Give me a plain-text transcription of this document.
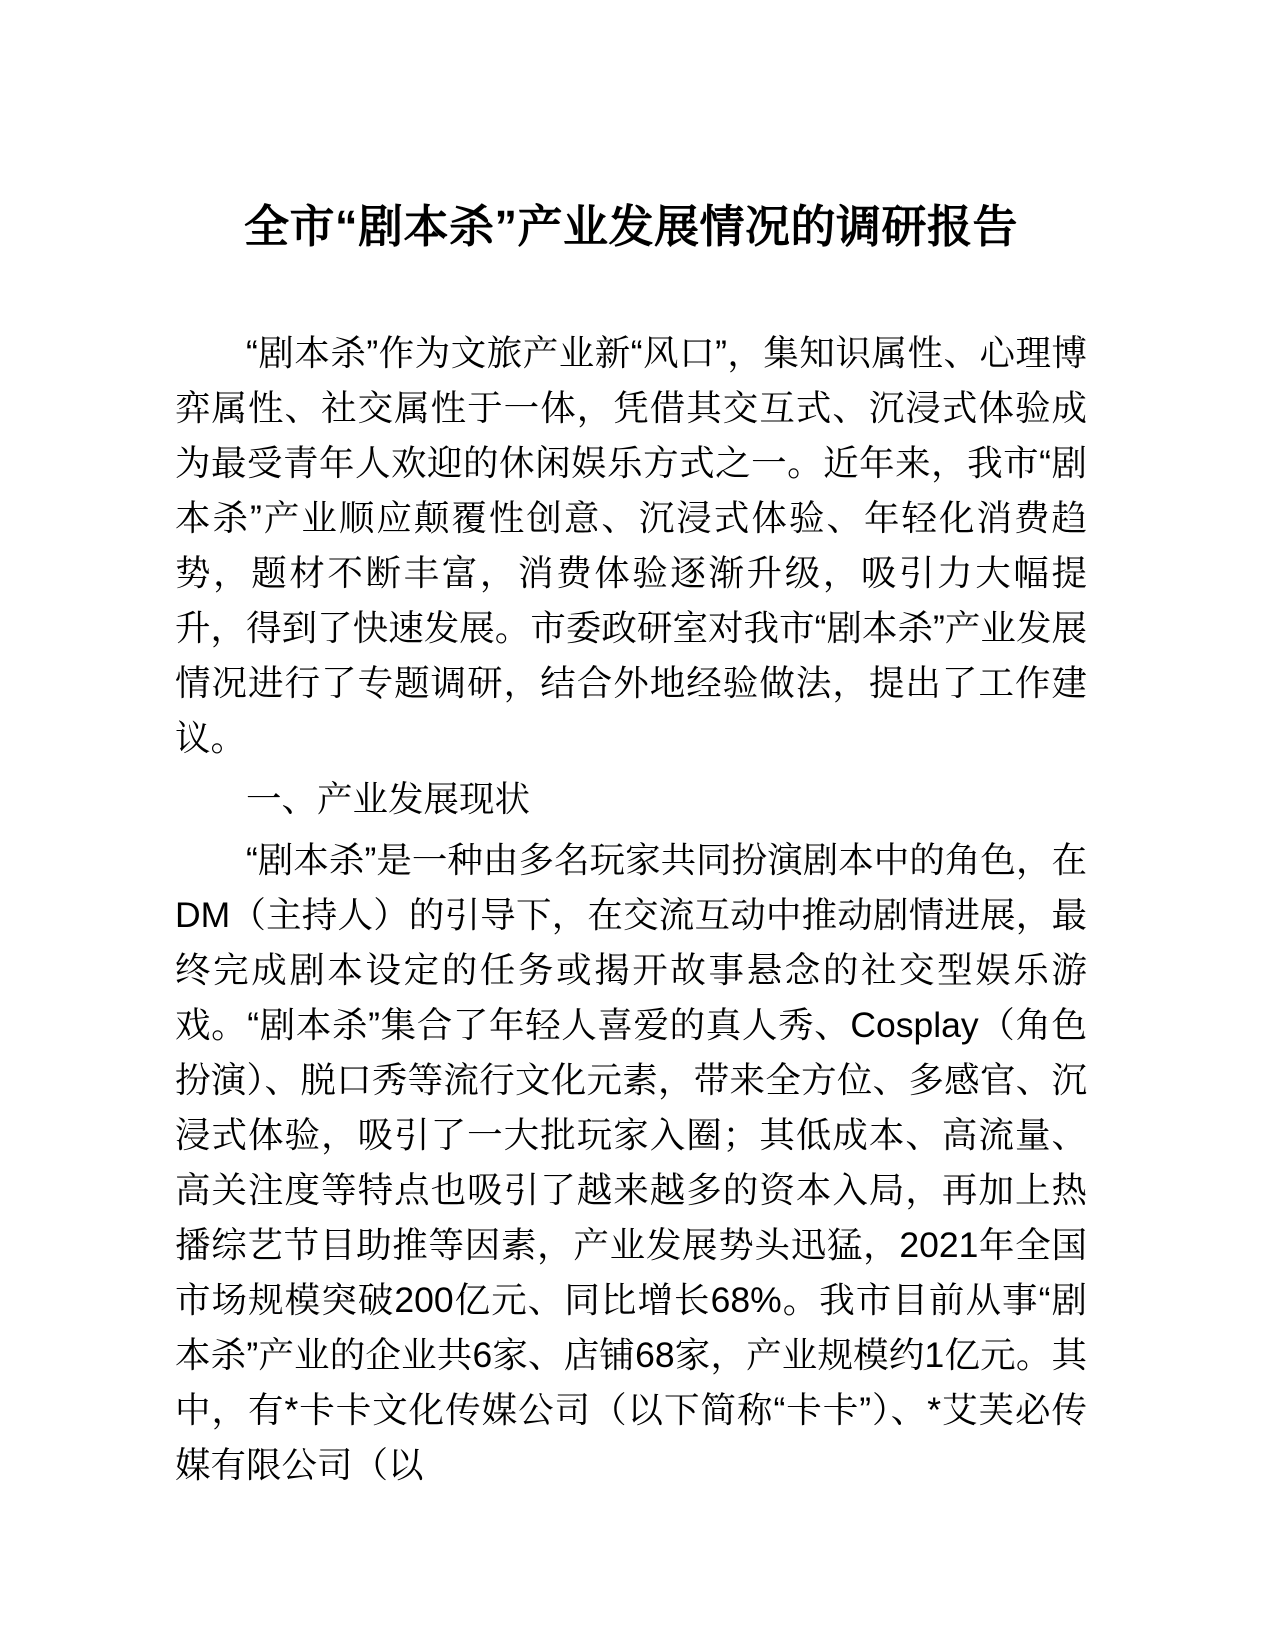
全市“剧本杀”产业发展情况的调研报告

“剧本杀”作为文旅产业新“风口”，集知识属性、心理博弈属性、社交属性于一体，凭借其交互式、沉浸式体验成为最受青年人欢迎的休闲娱乐方式之一。近年来，我市“剧本杀”产业顺应颠覆性创意、沉浸式体验、年轻化消费趋势，题材不断丰富，消费体验逐渐升级，吸引力大幅提升，得到了快速发展。市委政研室对我市“剧本杀”产业发展情况进行了专题调研，结合外地经验做法，提出了工作建议。

一、产业发展现状

“剧本杀”是一种由多名玩家共同扮演剧本中的角色，在DM（主持人）的引导下，在交流互动中推动剧情进展，最终完成剧本设定的任务或揭开故事悬念的社交型娱乐游戏。“剧本杀”集合了年轻人喜爱的真人秀、Cosplay（角色扮演）、脱口秀等流行文化元素，带来全方位、多感官、沉浸式体验，吸引了一大批玩家入圈；其低成本、高流量、高关注度等特点也吸引了越来越多的资本入局，再加上热播综艺节目助推等因素，产业发展势头迅猛，2021年全国市场规模突破200亿元、同比增长68%。我市目前从事“剧本杀”产业的企业共6家、店铺68家，产业规模约1亿元。其中，有*卡卡文化传媒公司（以下简称“卡卡”）、*艾芙必传媒有限公司（以
